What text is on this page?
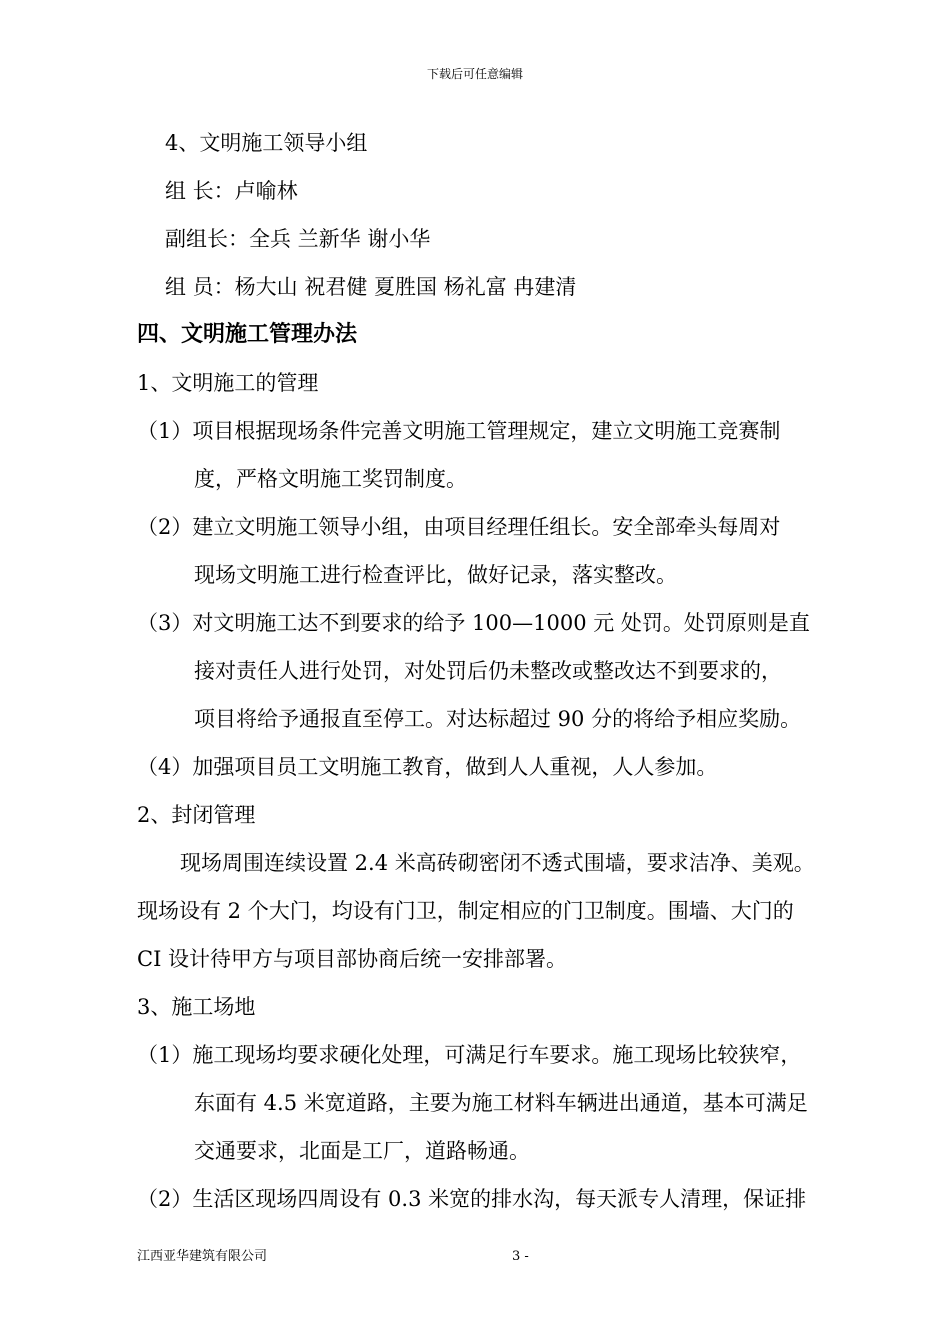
下载后可任意编辑
4、文明施工领导小组
组 长：卢喻林
副组长：全兵 兰新华 谢小华
组 员：杨大山 祝君健 夏胜国 杨礼富 冉建清
四、文明施工管理办法
1、文明施工的管理
（1）项目根据现场条件完善文明施工管理规定，建立文明施工竞赛制
度，严格文明施工奖罚制度。
（2）建立文明施工领导小组，由项目经理任组长。安全部牵头每周对
现场文明施工进行检查评比，做好记录，落实整改。
（3）对文明施工达不到要求的给予 100—1000 元 处罚。处罚原则是直
接对责任人进行处罚，对处罚后仍未整改或整改达不到要求的，
项目将给予通报直至停工。对达标超过 90 分的将给予相应奖励。
（4）加强项目员工文明施工教育，做到人人重视，人人参加。
2、封闭管理
现场周围连续设置 2.4 米高砖砌密闭不透式围墙，要求洁净、美观。
现场设有 2 个大门，均设有门卫，制定相应的门卫制度。围墙、大门的
CI 设计待甲方与项目部协商后统一安排部署。
3、施工场地
（1）施工现场均要求硬化处理，可满足行车要求。施工现场比较狭窄，
东面有 4.5 米宽道路，主要为施工材料车辆进出通道，基本可满足
交通要求，北面是工厂，道路畅通。
（2）生活区现场四周设有 0.3 米宽的排水沟，每天派专人清理，保证排
江西亚华建筑有限公司	3 -
